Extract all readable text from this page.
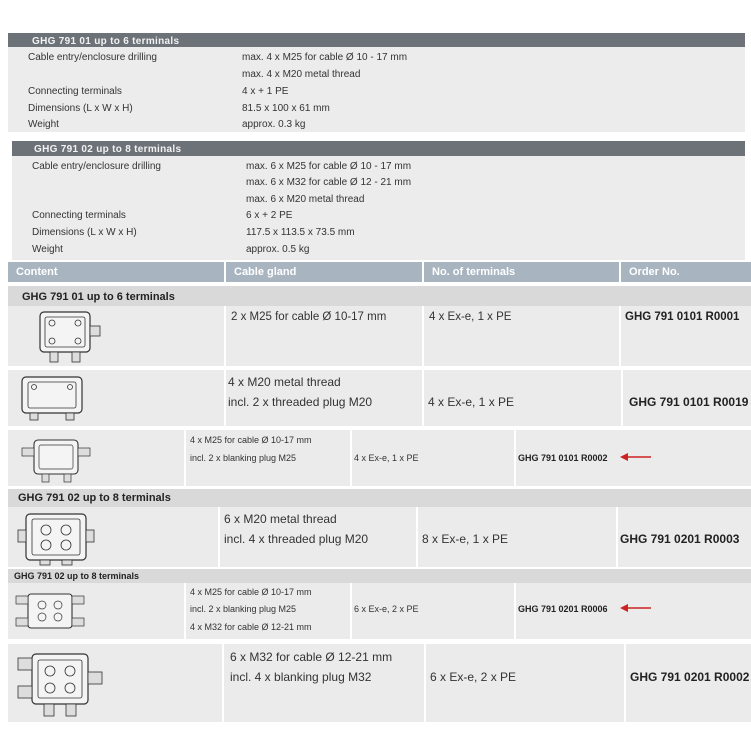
GHG 791 01 up to 6 terminals
Cable entry/enclosure drilling	max. 4 x M25 for cable Ø 10 - 17 mm
max. 4 x M20 metal thread
Connecting terminals	4 x + 1 PE
Dimensions (L x W x H)	81.5 x 100 x 61 mm
Weight	approx. 0.3 kg
GHG 791 02 up to 8 terminals
Cable entry/enclosure drilling	max. 6 x M25 for cable Ø 10 - 17 mm
max. 6 x M32 for cable Ø 12 - 21 mm
max. 6 x M20 metal thread
Connecting terminals	6 x + 2 PE
Dimensions (L x W x H)	117.5 x 113.5 x 73.5 mm
Weight	approx. 0.5 kg
Content	Cable gland	No. of terminals	Order No.
GHG 791 01 up to 6 terminals
2 x M25 for cable Ø 10-17 mm	4 x Ex-e, 1 x PE	GHG 791 0101 R0001
4 x M20 metal thread
incl. 2 x threaded plug M20	4 x Ex-e, 1 x PE	GHG 791 0101 R0019
4 x M25 for cable Ø 10-17 mm
incl. 2 x blanking plug M25	4 x Ex-e, 1 x PE	GHG 791 0101 R0002
GHG 791 02 up to 8 terminals
6 x M20 metal thread
incl. 4 x threaded plug M20	8 x Ex-e, 1 x PE	GHG 791 0201 R0003
GHG 791 02 up to 8 terminals
4 x M25 for cable Ø 10-17 mm
incl. 2 x blanking plug M25
4 x M32 for cable Ø 12-21 mm
6 x Ex-e, 2 x PE	GHG 791 0201 R0006
6 x M32 for cable Ø 12-21 mm
incl. 4 x blanking plug M32	6 x Ex-e, 2 x PE	GHG 791 0201 R0002
